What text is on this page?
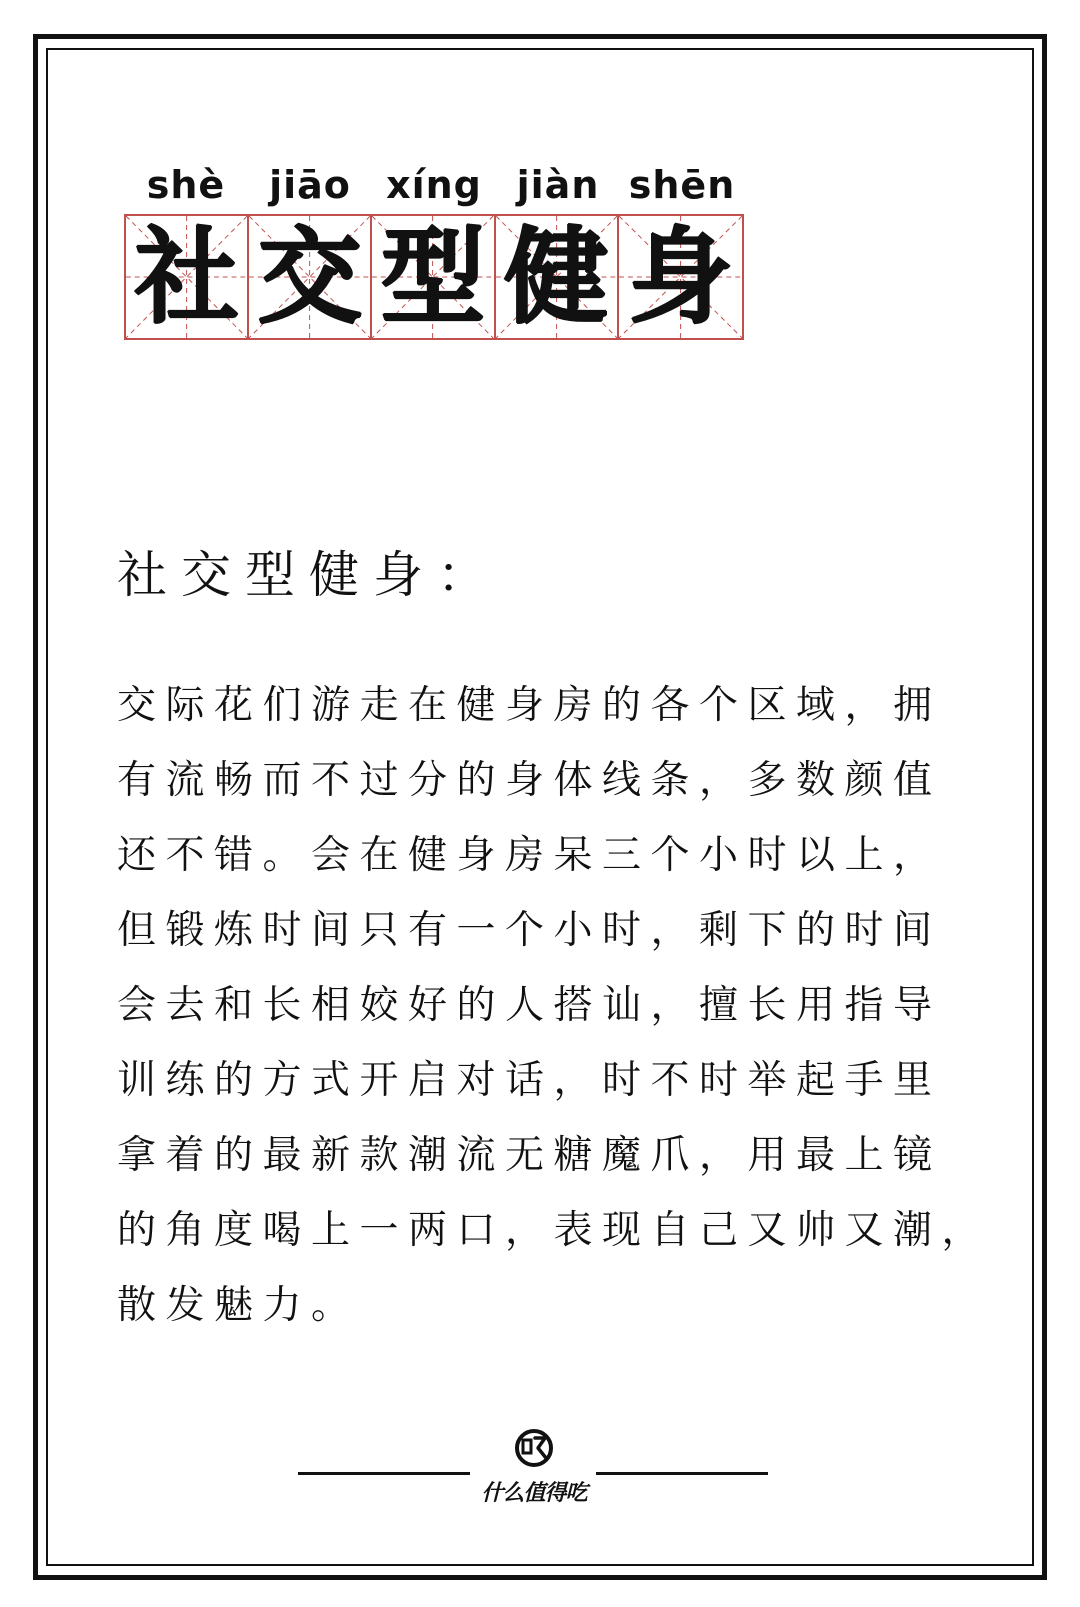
shè	jiāo xíng jiàn shēn
社 交 型 健 身
社交型健身：
交际花们游走在健身房的各个区域，拥
有流畅而不过分的身体线条，多数颜值
还不错。会在健身房呆三个小时以上，
但锻炼时间只有一个小时，剩下的时间
会去和长相姣好的人搭讪，擅长用指导
训练的方式开启对话，时不时举起手里
拿着的最新款潮流无糖魔爪，用最上镜
的角度喝上一两口，表现自己又帅又潮，
散发魅力。
什么值得吃
